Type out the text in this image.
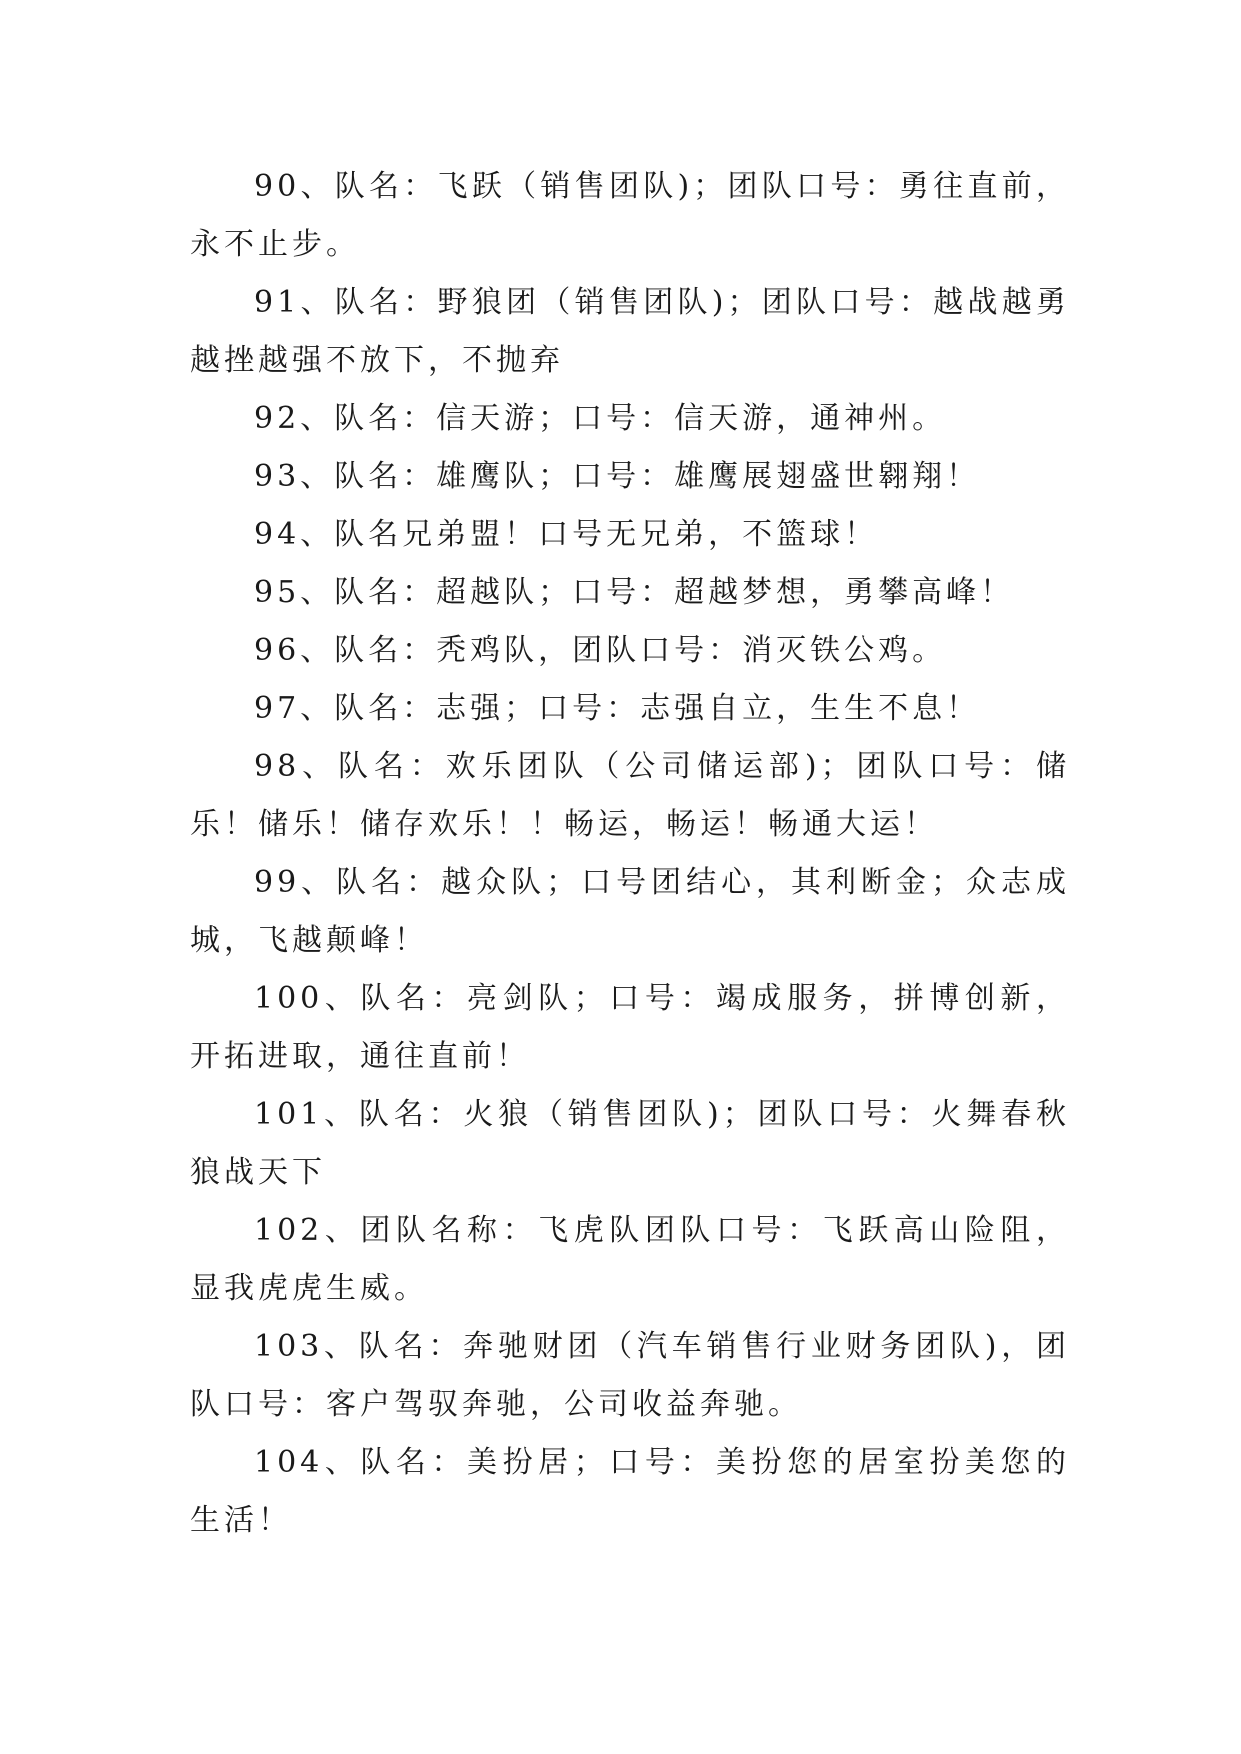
90、队名：飞跃（销售团队)；团队口号：勇往直前，永不止步。

91、队名：野狼团（销售团队)；团队口号：越战越勇越挫越强不放下，不抛弃

92、队名：信天游；口号：信天游，通神州。

93、队名：雄鹰队；口号：雄鹰展翅盛世翱翔！

94、队名兄弟盟！口号无兄弟，不篮球！

95、队名：超越队；口号：超越梦想，勇攀高峰！

96、队名：秃鸡队，团队口号：消灭铁公鸡。

97、队名：志强；口号：志强自立，生生不息！

98、队名：欢乐团队（公司储运部)；团队口号：储乐！储乐！储存欢乐！！畅运，畅运！畅通大运！

99、队名：越众队；口号团结心，其利断金；众志成城，飞越颠峰！

100、队名：亮剑队；口号：竭成服务，拼博创新，开拓进取，通往直前！

101、队名：火狼（销售团队)；团队口号：火舞春秋狼战天下

102、团队名称：飞虎队团队口号：飞跃高山险阻，显我虎虎生威。

103、队名：奔驰财团（汽车销售行业财务团队)，团队口号：客户驾驭奔驰，公司收益奔驰。

104、队名：美扮居；口号：美扮您的居室扮美您的生活！
